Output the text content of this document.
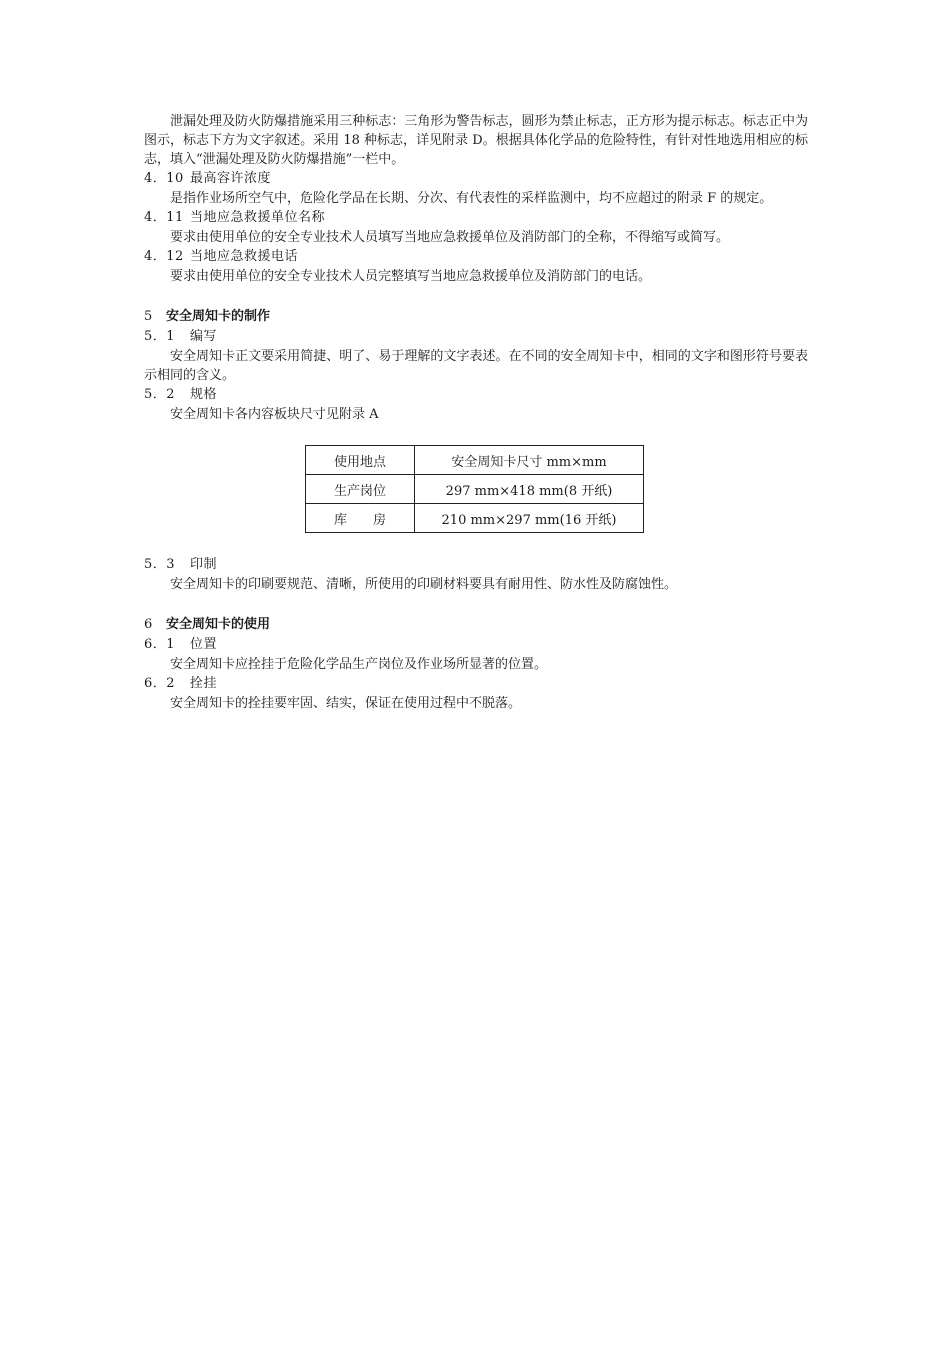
泄漏处理及防火防爆措施采用三种标志：三角形为警告标志，圆形为禁止标志，正方形为提示标志。标志正中为图示，标志下方为文字叙述。采用 18 种标志，详见附录 D。根据具体化学品的危险特性，有针对性地选用相应的标志，填入“泄漏处理及防火防爆措施”一栏中。

4．10 最高容许浓度

是指作业场所空气中，危险化学品在长期、分次、有代表性的采样监测中，均不应超过的附录 F 的规定。

4．11 当地应急救援单位名称

要求由使用单位的安全专业技术人员填写当地应急救援单位及消防部门的全称，不得缩写或简写。

4．12 当地应急救援电话

要求由使用单位的安全专业技术人员完整填写当地应急救援单位及消防部门的电话。

5 安全周知卡的制作

5．1 编写

安全周知卡正文要采用简捷、明了、易于理解的文字表述。在不同的安全周知卡中，相同的文字和图形符号要表示相同的含义。

5．2 规格

安全周知卡各内容板块尺寸见附录 A

使用地点	安全周知卡尺寸 mm×mm
生产岗位	297 mm×418 mm(8 开纸)
库　　房	210 mm×297 mm(16 开纸)

5．3 印制

安全周知卡的印刷要规范、清晰，所使用的印刷材料要具有耐用性、防水性及防腐蚀性。

6 安全周知卡的使用

6．1 位置

安全周知卡应拴挂于危险化学品生产岗位及作业场所显著的位置。

6．2 拴挂

安全周知卡的拴挂要牢固、结实，保证在使用过程中不脱落。
